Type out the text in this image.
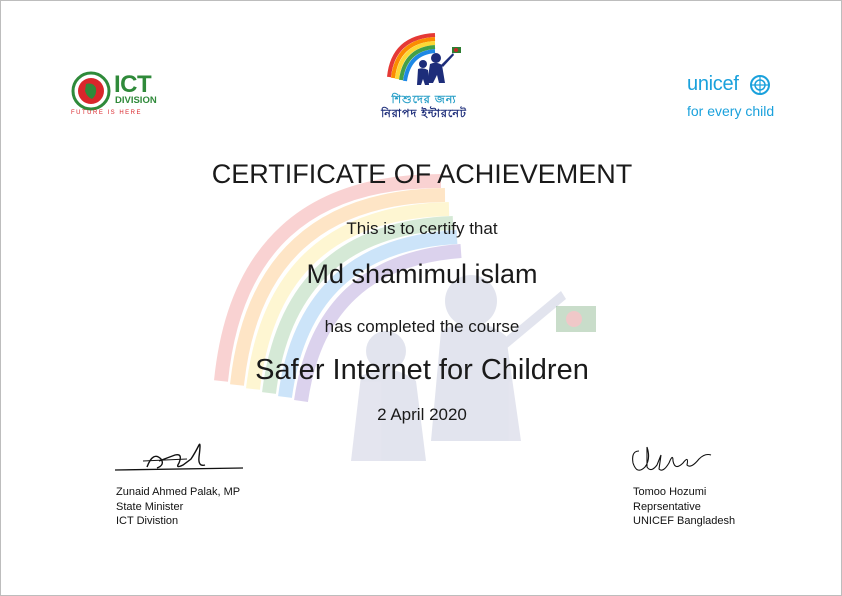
ICT
DIVISION
FUTURE IS HERE
শিশুদের জন্য
নিরাপদ ইন্টারনেট
unicef
for every child
CERTIFICATE OF ACHIEVEMENT
This is to certify that
Md shamimul islam
has completed the course
Safer Internet for Children
2 April 2020
Zunaid Ahmed Palak, MP
State Minister
ICT Divistion
Tomoo Hozumi
Reprsentative
UNICEF Bangladesh
